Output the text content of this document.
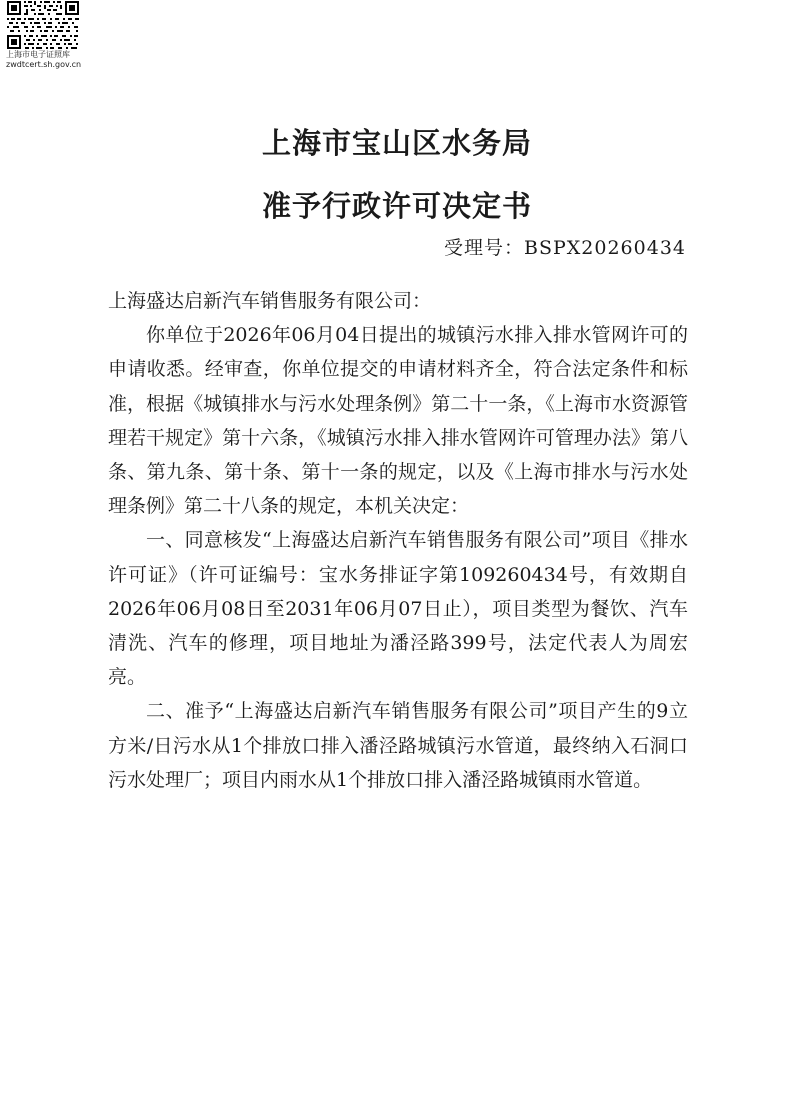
上海市电子证照库
zwdtcert.sh.gov.cn
上海市宝山区水务局
准予行政许可决定书
受理号：BSPX20260434

上海盛达启新汽车销售服务有限公司：

你单位于2026年06月04日提出的城镇污水排入排水管网许可的申请收悉。经审查，你单位提交的申请材料齐全，符合法定条件和标准，根据《城镇排水与污水处理条例》第二十一条，《上海市水资源管理若干规定》第十六条，《城镇污水排入排水管网许可管理办法》第八条、第九条、第十条、第十一条的规定，以及《上海市排水与污水处理条例》第二十八条的规定，本机关决定：

一、同意核发“上海盛达启新汽车销售服务有限公司”项目《排水许可证》（许可证编号：宝水务排证字第109260434号，有效期自2026年06月08日至2031年06月07日止），项目类型为餐饮、汽车清洗、汽车的修理，项目地址为潘泾路399号，法定代表人为周宏亮。

二、准予“上海盛达启新汽车销售服务有限公司”项目产生的9立方米/日污水从1个排放口排入潘泾路城镇污水管道，最终纳入石洞口污水处理厂；项目内雨水从1个排放口排入潘泾路城镇雨水管道。
